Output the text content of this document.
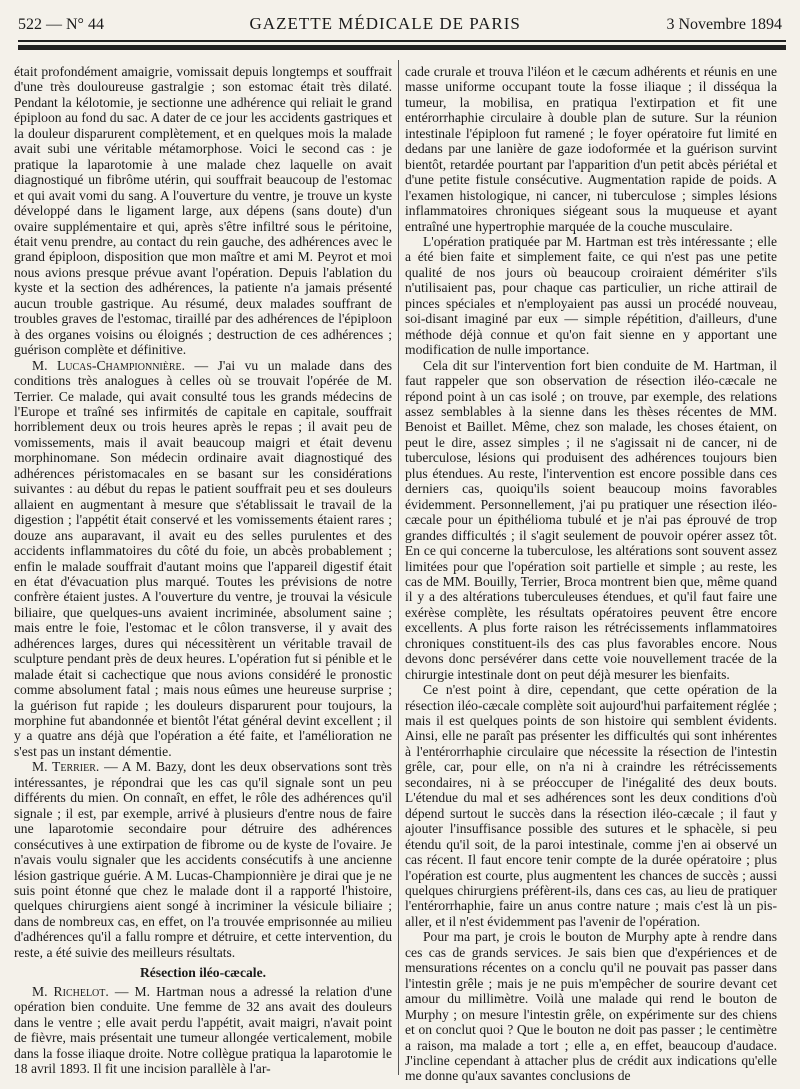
522 — N° 44	GAZETTE MÉDICALE DE PARIS	3 Novembre 1894

était profondément amaigrie, vomissait depuis longtemps et souffrait d'une très douloureuse gastralgie ; son estomac était très dilaté. Pendant la kélotomie, je sectionne une adhérence qui reliait le grand épiploon au fond du sac. A dater de ce jour les accidents gastriques et la douleur disparurent complètement, et en quelques mois la malade avait subi une véritable métamorphose. Voici le second cas : je pratique la laparotomie à une malade chez laquelle on avait diagnostiqué un fibrôme utérin, qui souffrait beaucoup de l'estomac et qui avait vomi du sang. A l'ouverture du ventre, je trouve un kyste développé dans le ligament large, aux dépens (sans doute) d'un ovaire supplémentaire et qui, après s'être infiltré sous le péritoine, était venu prendre, au contact du rein gauche, des adhérences avec le grand épiploon, disposition que mon maître et ami M. Peyrot et moi nous avions presque prévue avant l'opération. Depuis l'ablation du kyste et la section des adhérences, la patiente n'a jamais présenté aucun trouble gastrique. Au résumé, deux malades souffrant de troubles graves de l'estomac, tiraillé par des adhérences de l'épiploon à des organes voisins ou éloignés ; destruction de ces adhérences ; guérison complète et définitive.

M. Lucas-Championnière. — J'ai vu un malade dans des conditions très analogues à celles où se trouvait l'opérée de M. Terrier. Ce malade, qui avait consulté tous les grands médecins de l'Europe et traîné ses infirmités de capitale en capitale, souffrait horriblement deux ou trois heures après le repas ; il avait peu de vomissements, mais il avait beaucoup maigri et était devenu morphinomane. Son médecin ordinaire avait diagnostiqué des adhérences péristomacales en se basant sur les considérations suivantes : au début du repas le patient souffrait peu et ses douleurs allaient en augmentant à mesure que s'établissait le travail de la digestion ; l'appétit était conservé et les vomissements étaient rares ; douze ans auparavant, il avait eu des selles purulentes et des accidents inflammatoires du côté du foie, un abcès probablement ; enfin le malade souffrait d'autant moins que l'appareil digestif était en état d'évacuation plus marqué. Toutes les prévisions de notre confrère étaient justes. A l'ouverture du ventre, je trouvai la vésicule biliaire, que quelques-uns avaient incriminée, absolument saine ; mais entre le foie, l'estomac et le côlon transverse, il y avait des adhérences larges, dures qui nécessitèrent un véritable travail de sculpture pendant près de deux heures. L'opération fut si pénible et le malade était si cachectique que nous avions considéré le pronostic comme absolument fatal ; mais nous eûmes une heureuse surprise ; la guérison fut rapide ; les douleurs disparurent pour toujours, la morphine fut abandonnée et bientôt l'état général devint excellent ; il y a quatre ans déjà que l'opération a été faite, et l'amélioration ne s'est pas un instant démentie.

M. Terrier. — A M. Bazy, dont les deux observations sont très intéressantes, je répondrai que les cas qu'il signale sont un peu différents du mien. On connaît, en effet, le rôle des adhérences qu'il signale ; il est, par exemple, arrivé à plusieurs d'entre nous de faire une laparotomie secondaire pour détruire des adhérences consécutives à une extirpation de fibrome ou de kyste de l'ovaire. Je n'avais voulu signaler que les accidents consécutifs à une ancienne lésion gastrique guérie. A M. Lucas-Championnière je dirai que je ne suis point étonné que chez le malade dont il a rapporté l'histoire, quelques chirurgiens aient songé à incriminer la vésicule biliaire ; dans de nombreux cas, en effet, on l'a trouvée emprisonnée au milieu d'adhérences qu'il a fallu rompre et détruire, et cette intervention, du reste, a été suivie des meilleurs résultats.

Résection iléo-cæcale.

M. Richelot. — M. Hartman nous a adressé la relation d'une opération bien conduite. Une femme de 32 ans avait des douleurs dans le ventre ; elle avait perdu l'appétit, avait maigri, n'avait point de fièvre, mais présentait une tumeur allongée verticalement, mobile dans la fosse iliaque droite. Notre collègue pratiqua la laparotomie le 18 avril 1893. Il fit une incision parallèle à l'ar-

cade crurale et trouva l'iléon et le cæcum adhérents et réunis en une masse uniforme occupant toute la fosse iliaque ; il disséqua la tumeur, la mobilisa, en pratiqua l'extirpation et fit une entérorrhaphie circulaire à double plan de suture. Sur la réunion intestinale l'épiploon fut ramené ; le foyer opératoire fut limité en dedans par une lanière de gaze iodoformée et la guérison survint bientôt, retardée pourtant par l'apparition d'un petit abcès périétal et d'une petite fistule consécutive. Augmentation rapide de poids. A l'examen histologique, ni cancer, ni tuberculose ; simples lésions inflammatoires chroniques siégeant sous la muqueuse et ayant entraîné une hypertrophie marquée de la couche musculaire.

L'opération pratiquée par M. Hartman est très intéressante ; elle a été bien faite et simplement faite, ce qui n'est pas une petite qualité de nos jours où beaucoup croiraient démériter s'ils n'utilisaient pas, pour chaque cas particulier, un riche attirail de pinces spéciales et n'employaient pas aussi un procédé nouveau, soi-disant imaginé par eux — simple répétition, d'ailleurs, d'une méthode déjà connue et qu'on fait sienne en y apportant une modification de nulle importance.

Cela dit sur l'intervention fort bien conduite de M. Hartman, il faut rappeler que son observation de résection iléo-cæcale ne répond point à un cas isolé ; on trouve, par exemple, des relations assez semblables à la sienne dans les thèses récentes de MM. Benoist et Baillet. Même, chez son malade, les choses étaient, on peut le dire, assez simples ; il ne s'agissait ni de cancer, ni de tuberculose, lésions qui produisent des adhérences toujours bien plus étendues. Au reste, l'intervention est encore possible dans ces derniers cas, quoiqu'ils soient beaucoup moins favorables évidemment. Personnellement, j'ai pu pratiquer une résection iléo-cæcale pour un épithélioma tubulé et je n'ai pas éprouvé de trop grandes difficultés ; il s'agit seulement de pouvoir opérer assez tôt. En ce qui concerne la tuberculose, les altérations sont souvent assez limitées pour que l'opération soit partielle et simple ; au reste, les cas de MM. Bouilly, Terrier, Broca montrent bien que, même quand il y a des altérations tuberculeuses étendues, et qu'il faut faire une exérèse complète, les résultats opératoires peuvent être encore excellents. A plus forte raison les rétrécissements inflammatoires chroniques constituent-ils des cas plus favorables encore. Nous devons donc persévérer dans cette voie nouvellement tracée de la chirurgie intestinale dont on peut déjà mesurer les bienfaits.

Ce n'est point à dire, cependant, que cette opération de la résection iléo-cæcale complète soit aujourd'hui parfaitement réglée ; mais il est quelques points de son histoire qui semblent évidents. Ainsi, elle ne paraît pas présenter les difficultés qui sont inhérentes à l'entérorrhaphie circulaire que nécessite la résection de l'intestin grêle, car, pour elle, on n'a ni à craindre les rétrécissements secondaires, ni à se préoccuper de l'inégalité des deux bouts. L'étendue du mal et ses adhérences sont les deux conditions d'où dépend surtout le succès dans la résection iléo-cæcale ; il faut y ajouter l'insuffisance possible des sutures et le sphacèle, si peu étendu qu'il soit, de la paroi intestinale, comme j'en ai observé un cas récent. Il faut encore tenir compte de la durée opératoire ; plus l'opération est courte, plus augmentent les chances de succès ; aussi quelques chirurgiens préfèrent-ils, dans ces cas, au lieu de pratiquer l'entérorrhaphie, faire un anus contre nature ; mais c'est là un pis-aller, et il n'est évidemment pas l'avenir de l'opération.

Pour ma part, je crois le bouton de Murphy apte à rendre dans ces cas de grands services. Je sais bien que d'expériences et de mensurations récentes on a conclu qu'il ne pouvait pas passer dans l'intestin grêle ; mais je ne puis m'empêcher de sourire devant cet amour du millimètre. Voilà une malade qui rend le bouton de Murphy ; on mesure l'intestin grêle, on expérimente sur des chiens et on conclut quoi ? Que le bouton ne doit pas passer ; le centimètre a raison, ma malade a tort ; elle a, en effet, beaucoup d'audace. J'incline cependant à attacher plus de crédit aux indications qu'elle me donne qu'aux savantes conclusions de
